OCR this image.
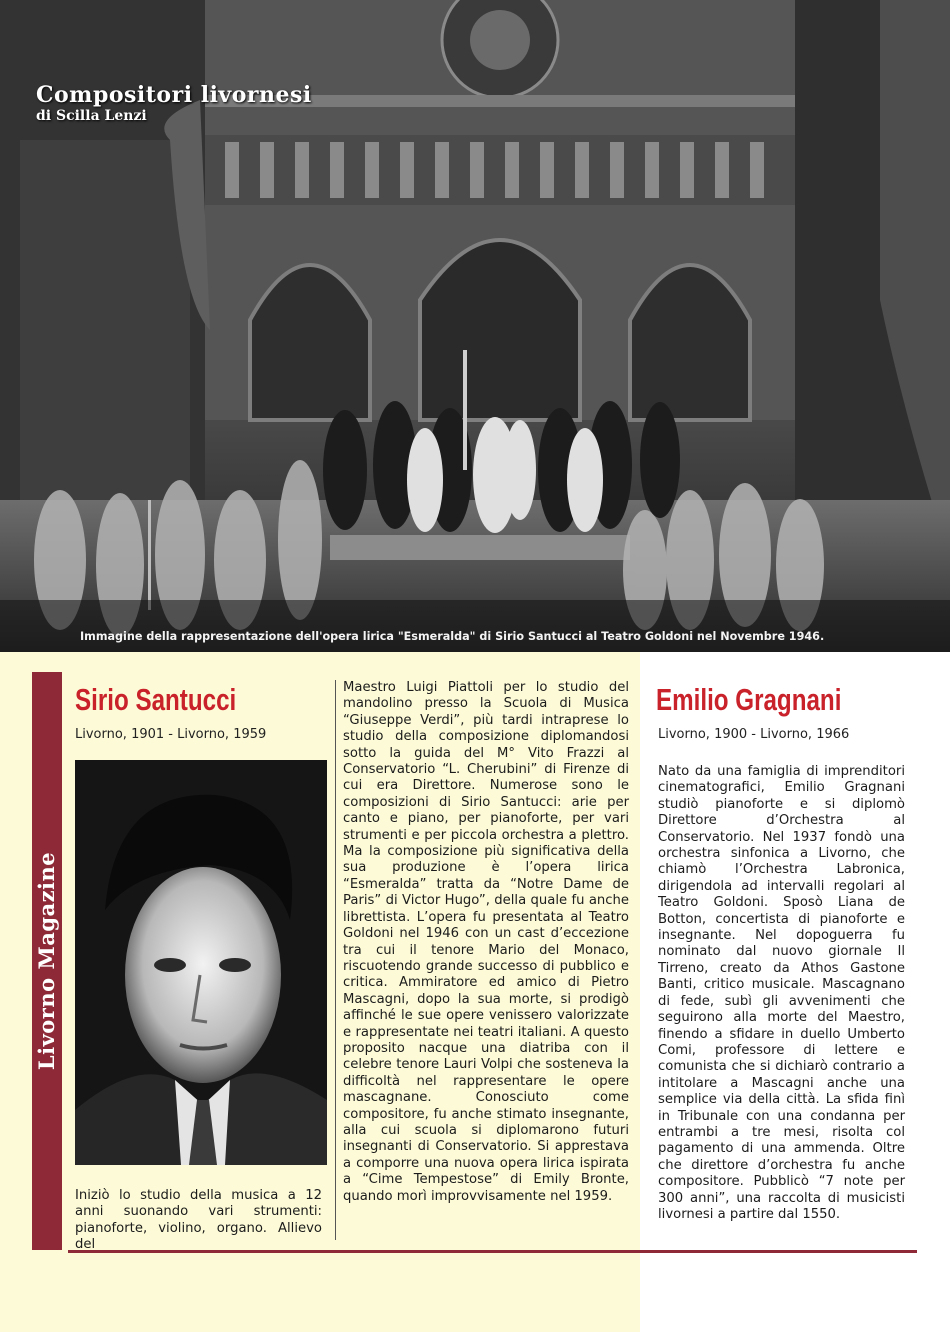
Compositori livornesi
di Scilla Lenzi
Immagine della rappresentazione dell'opera lirica "Esmeralda" di Sirio Santucci al Teatro Goldoni nel Novembre 1946.
Livorno Magazine
Sirio Santucci
Livorno, 1901 - Livorno, 1959
Iniziò lo studio della musica a 12 anni suonando vari strumenti: pianoforte, violino, organo. Allievo del
Maestro Luigi Piattoli per lo studio del mandolino presso la Scuola di Musica “Giuseppe Verdi”, più tardi intraprese lo studio della composizione diplomandosi sotto la guida del M° Vito Frazzi al Conservatorio “L. Cherubini” di Firenze di cui era Direttore. Numerose sono le composizioni di Sirio Santucci: arie per canto e piano, per pianoforte, per vari strumenti e per piccola orchestra a plettro. Ma la composizione più significativa della sua produzione è l’opera lirica “Esmeralda” tratta da “Notre Dame de Paris” di Victor Hugo”, della quale fu anche librettista. L’opera fu presentata al Teatro Goldoni nel 1946 con un cast d’eccezione tra cui il tenore Mario del Monaco, riscuotendo grande successo di pubblico e critica. Ammiratore ed amico di Pietro Mascagni, dopo la sua morte, si prodigò affinché le sue opere venissero valorizzate e rappresentate nei teatri italiani. A questo proposito nacque una diatriba con il celebre tenore Lauri Volpi che sosteneva la difficoltà nel rappresentare le opere mascagnane. Conosciuto come compositore, fu anche stimato insegnante, alla cui scuola si diplomarono futuri insegnanti di Conservatorio. Si apprestava a comporre una nuova opera lirica ispirata a “Cime Tempestose” di Emily Bronte, quando morì improvvisamente nel 1959.
Emilio Gragnani
Livorno, 1900 - Livorno, 1966
Nato da una famiglia di imprenditori cinematografici, Emilio Gragnani studiò pianoforte e si diplomò Direttore d’Orchestra al Conservatorio. Nel 1937 fondò una orchestra sinfonica a Livorno, che chiamò l’Orchestra Labronica, dirigendola ad intervalli regolari al Teatro Goldoni. Sposò Liana de Botton, concertista di pianoforte e insegnante. Nel dopoguerra fu nominato dal nuovo giornale Il Tirreno, creato da Athos Gastone Banti, critico musicale. Mascagnano di fede, subì gli avvenimenti che seguirono alla morte del Maestro, finendo a sfidare in duello Umberto Comi, professore di lettere e comunista che si dichiarò contrario a intitolare a Mascagni anche una semplice via della città. La sfida finì in Tribunale con una condanna per entrambi a tre mesi, risolta col pagamento di una ammenda. Oltre che direttore d’orchestra fu anche compositore. Pubblicò “7 note per 300 anni”, una raccolta di musicisti livornesi a partire dal 1550.
